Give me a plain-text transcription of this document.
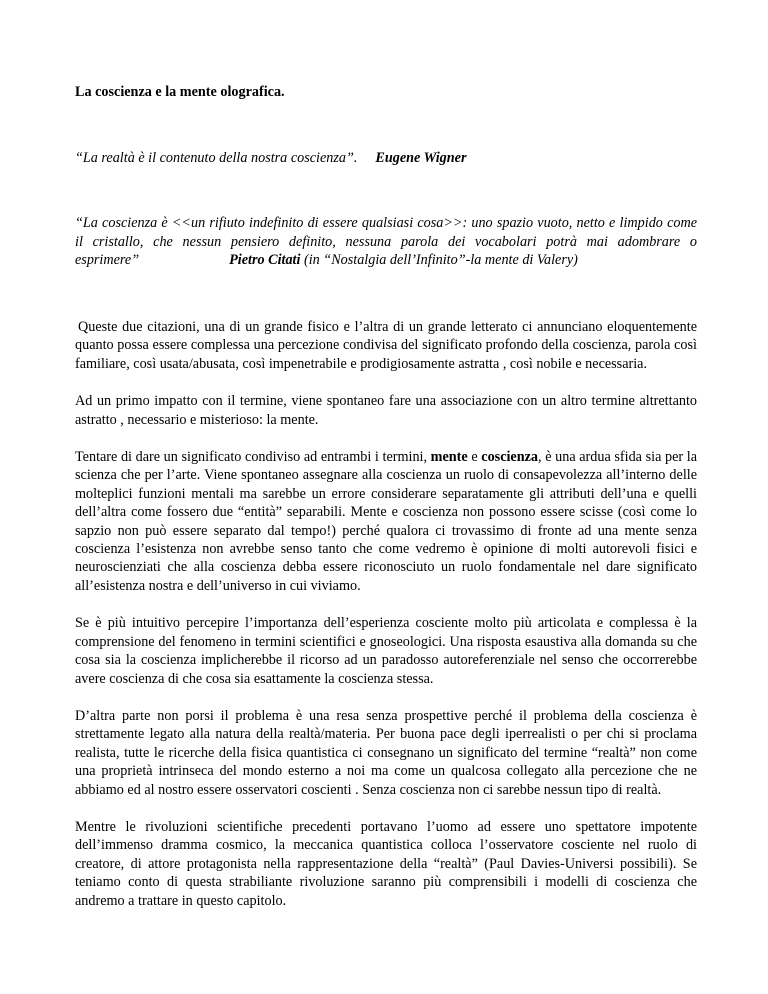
La coscienza e la mente olografica.
“La realtà è il contenuto della nostra coscienza”. Eugene Wigner
“La coscienza è <<un rifiuto indefinito di essere qualsiasi cosa>>: uno spazio vuoto, netto e limpido come il cristallo, che nessun pensiero definito, nessuna parola dei vocabolari potrà mai adombrare o esprimere”	Pietro Citati (in “Nostalgia dell’Infinito”-la mente di Valery)

Queste due citazioni, una di un grande fisico e l’altra di un grande letterato ci annunciano eloquentemente quanto possa essere complessa una percezione condivisa del significato profondo della coscienza, parola così familiare, così usata/abusata, così impenetrabile e prodigiosamente astratta , così nobile e necessaria.

Ad un primo impatto con il termine, viene spontaneo fare una associazione con un altro termine altrettanto astratto , necessario e misterioso: la mente.

Tentare di dare un significato condiviso ad entrambi i termini, mente e coscienza, è una ardua sfida sia per la scienza che per l’arte. Viene spontaneo assegnare alla coscienza un ruolo di consapevolezza all’interno delle molteplici funzioni mentali ma sarebbe un errore considerare separatamente gli attributi dell’una e quelli dell’altra come fossero due “entità” separabili. Mente e coscienza non possono essere scisse (così come lo sapzio non può essere separato dal tempo!) perché qualora ci trovassimo di fronte ad una mente senza coscienza l’esistenza non avrebbe senso tanto che come vedremo è opinione di molti autorevoli fisici e neuroscienziati che alla coscienza debba essere riconosciuto un ruolo fondamentale nel dare significato all’esistenza nostra e dell’universo in cui viviamo.

Se è più intuitivo percepire l’importanza dell’esperienza cosciente molto più articolata e complessa è la comprensione del fenomeno in termini scientifici e gnoseologici. Una risposta esaustiva alla domanda su che cosa sia la coscienza implicherebbe il ricorso ad un paradosso autoreferenziale nel senso che occorrerebbe avere coscienza di che cosa sia esattamente la coscienza stessa.

D’altra parte non porsi il problema è una resa senza prospettive perché il problema della coscienza è strettamente legato alla natura della realtà/materia. Per buona pace degli iperrealisti o per chi si proclama realista, tutte le ricerche della fisica quantistica ci consegnano un significato del termine “realtà” non come una proprietà intrinseca del mondo esterno a noi ma come un qualcosa collegato alla percezione che ne abbiamo ed al nostro essere osservatori coscienti . Senza coscienza non ci sarebbe nessun tipo di realtà.

Mentre le rivoluzioni scientifiche precedenti portavano l’uomo ad essere uno spettatore impotente dell’immenso dramma cosmico, la meccanica quantistica colloca l’osservatore cosciente nel ruolo di creatore, di attore protagonista nella rappresentazione della “realtà” (Paul Davies-Universi possibili). Se teniamo conto di questa strabiliante rivoluzione saranno più comprensibili i modelli di coscienza che andremo a trattare in questo capitolo.
